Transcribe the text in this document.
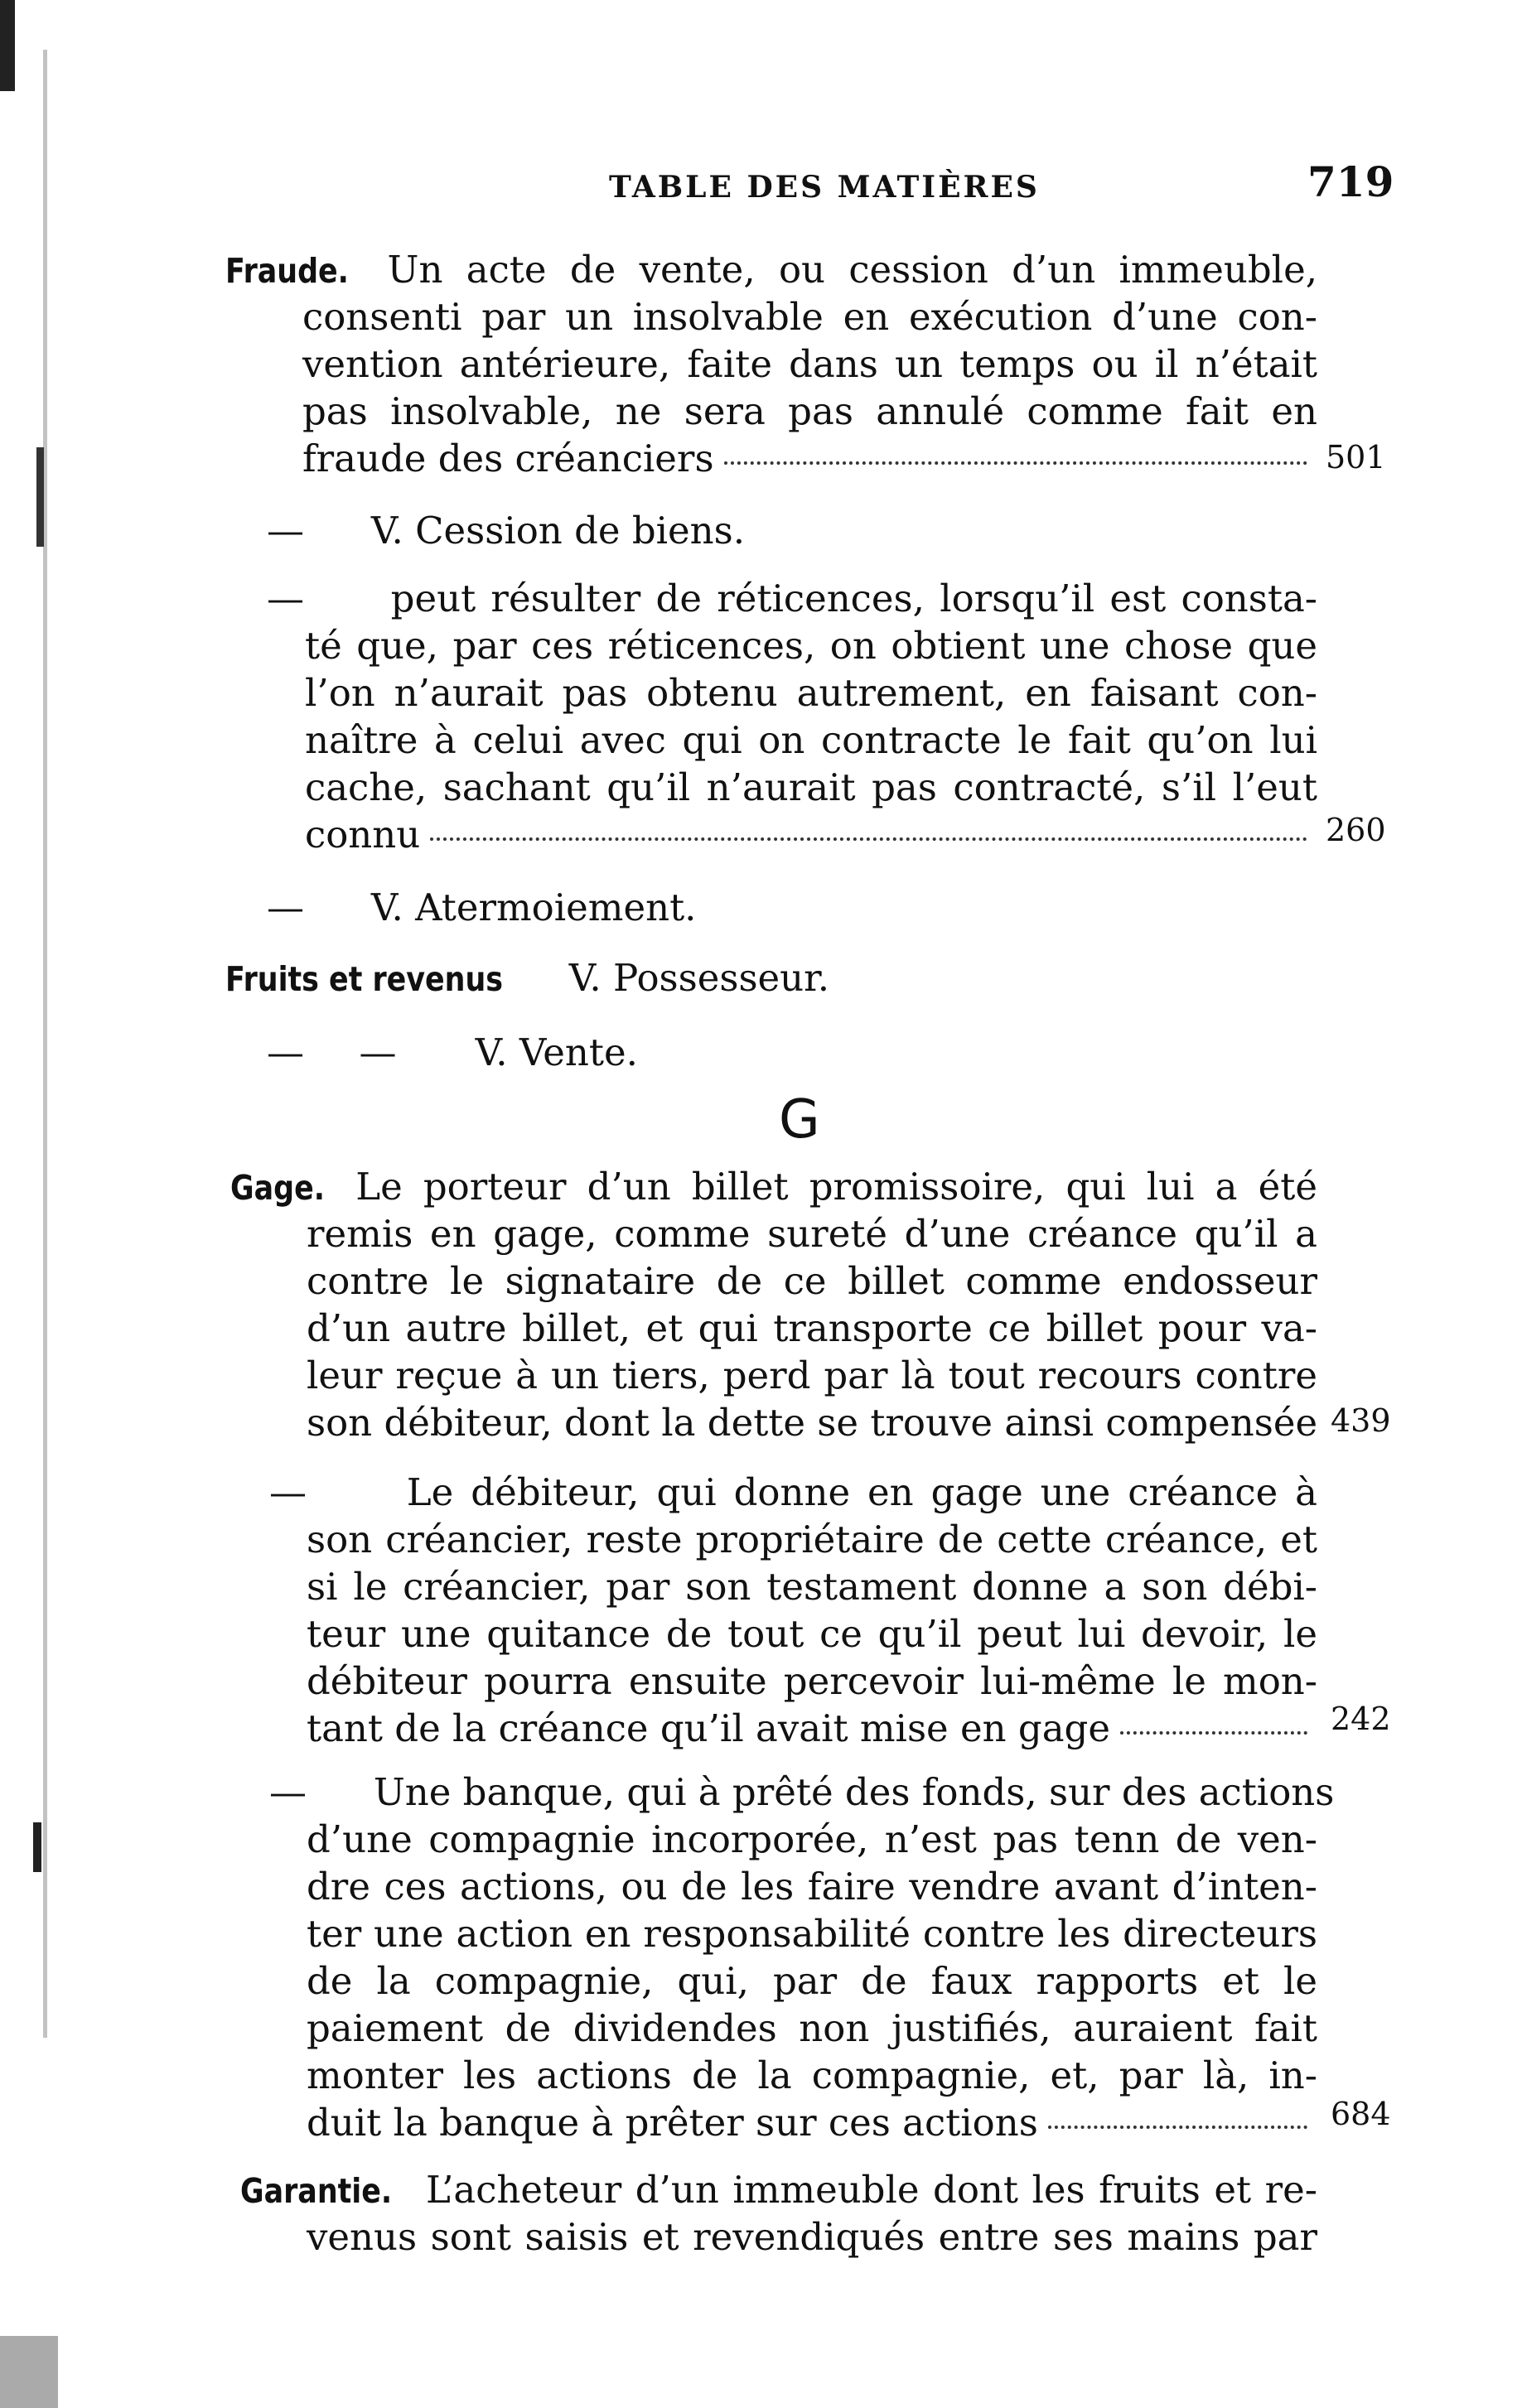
TABLE DES MATIÈRES	719
Fraude. Un acte de vente, ou cession d’un immeuble,
consenti par un insolvable en exécution d’une con-
vention antérieure, faite dans un temps ou il n’était
pas insolvable, ne sera pas annulé comme fait en
fraude des créanciers	501
— V. Cession de biens.
— peut résulter de réticences, lorsqu’il est consta-
té que, par ces réticences, on obtient une chose que
l’on n’aurait pas obtenu autrement, en faisant con-
naître à celui avec qui on contracte le fait qu’on lui
cache, sachant qu’il n’aurait pas contracté, s’il l’eut
connu	260
— V. Atermoiement.
Fruits et revenus V. Possesseur.
— — V. Vente.
G
Gage. Le porteur d’un billet promissoire, qui lui a été
remis en gage, comme sureté d’une créance qu’il a
contre le signataire de ce billet comme endosseur
d’un autre billet, et qui transporte ce billet pour va-
leur reçue à un tiers, perd par là tout recours contre
son débiteur, dont la dette se trouve ainsi compensée 439
—	Le débiteur, qui donne en gage une créance à
son créancier, reste propriétaire de cette créance, et
si le créancier, par son testament donne a son débi-
teur une quitance de tout ce qu’il peut lui devoir, le
débiteur pourra ensuite percevoir lui-même le mon-
tant de la créance qu’il avait mise en gage	242
— Une banque, qui à prêté des fonds, sur des actions
d’une compagnie incorporée, n’est pas tenn de ven-
dre ces actions, ou de les faire vendre avant d’inten-
ter une action en responsabilité contre les directeurs
de la compagnie, qui, par de faux rapports et le
paiement de dividendes non justifiés, auraient fait
monter les actions de la compagnie, et, par là, in-
duit la banque à prêter sur ces actions	684
Garantie. L’acheteur d’un immeuble dont les fruits et re-
venus sont saisis et revendiqués entre ses mains par
